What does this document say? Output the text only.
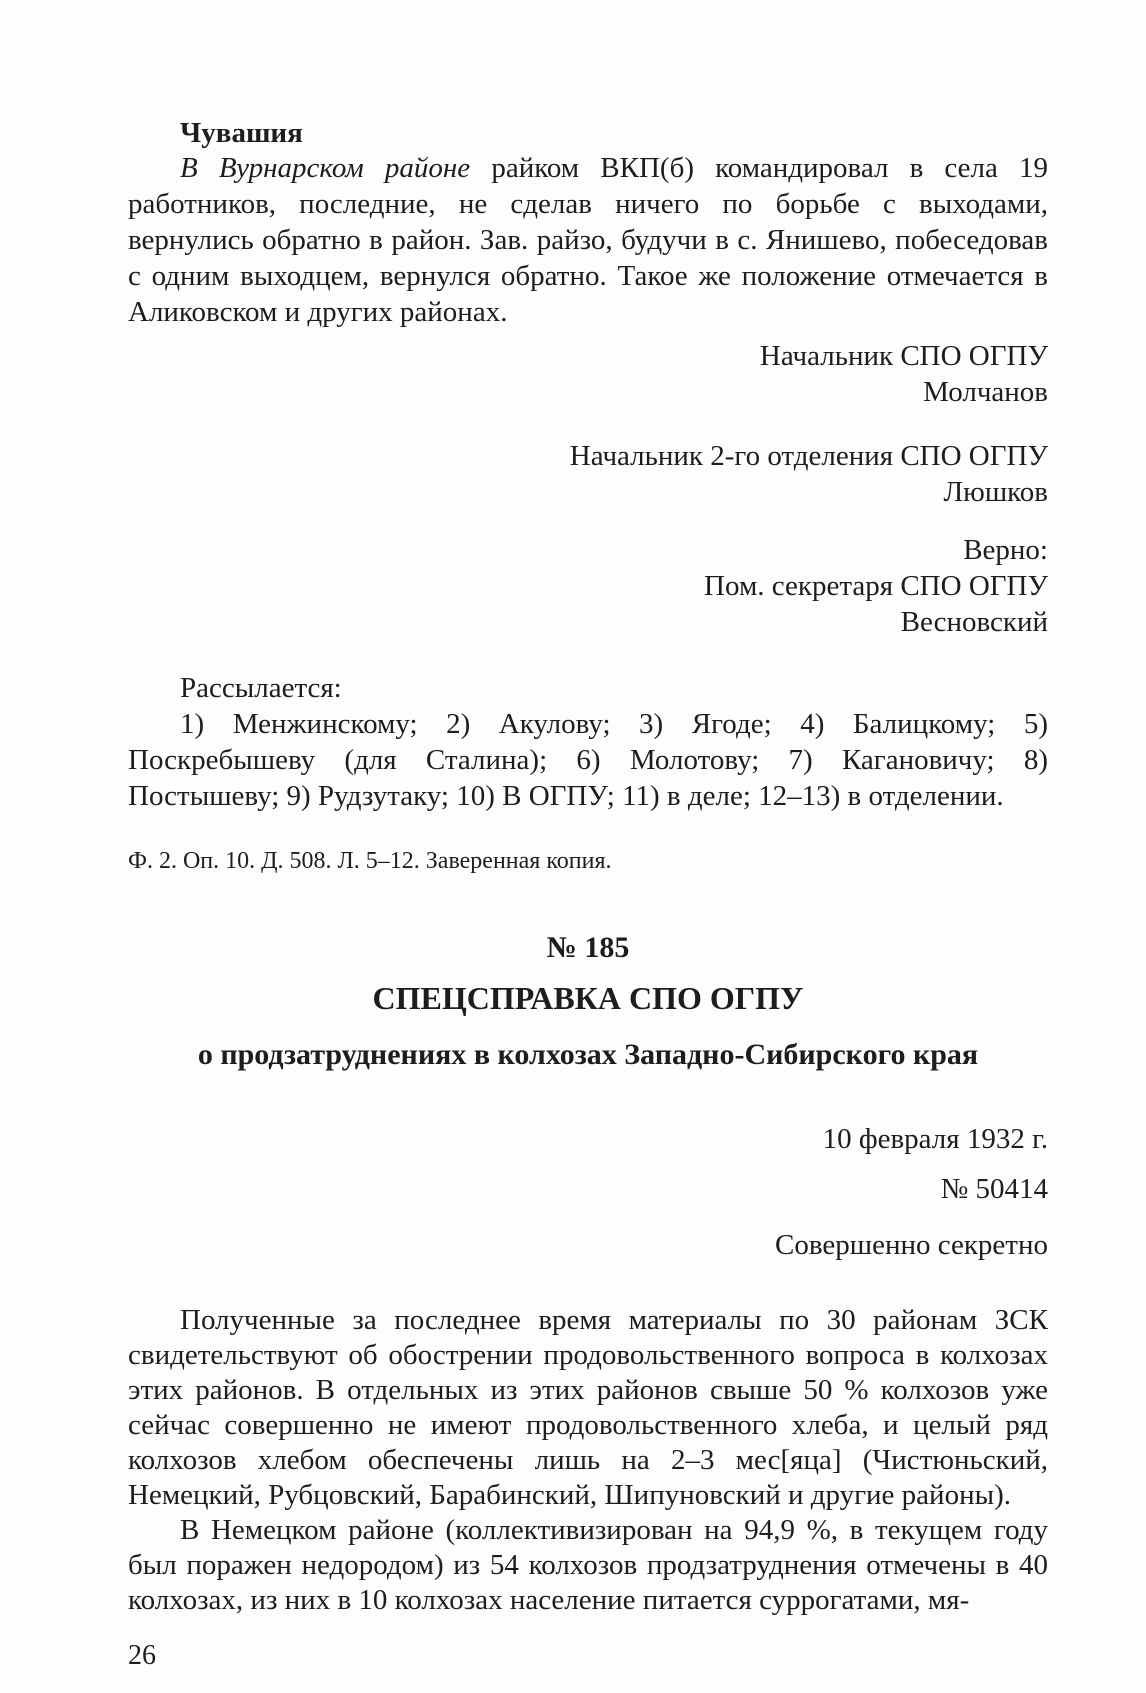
Чувашия

В Вурнарском районе райком ВКП(б) командировал в села 19 работников, последние, не сделав ничего по борьбе с выходами, вернулись обратно в район. Зав. райзо, будучи в с. Янишево, побеседовав с одним выходцем, вернулся обратно. Такое же положение отмечается в Аликовском и других районах.

Начальник СПО ОГПУ

Молчанов

Начальник 2-го отделения СПО ОГПУ

Люшков

Верно:

Пом. секретаря СПО ОГПУ

Весновский

Рассылается:

1) Менжинскому; 2) Акулову; 3) Ягоде; 4) Балицкому; 5) Поскребышеву (для Сталина); 6) Молотову; 7) Кагановичу; 8) Постышеву; 9) Рудзутаку; 10) В ОГПУ; 11) в деле; 12–13) в отделении.

Ф. 2. Оп. 10. Д. 508. Л. 5–12. Заверенная копия.

№ 185
СПЕЦСПРАВКА СПО ОГПУ
о продзатруднениях в колхозах Западно-Сибирского края

10 февраля 1932 г.

№ 50414

Совершенно секретно

Полученные за последнее время материалы по 30 районам ЗСК свидетельствуют об обострении продовольственного вопроса в колхозах этих районов. В отдельных из этих районов свыше 50 % колхозов уже сейчас совершенно не имеют продовольственного хлеба, и целый ряд колхозов хлебом обеспечены лишь на 2–3 мес[яца] (Чистюньский, Немецкий, Рубцовский, Барабинский, Шипуновский и другие районы).

В Немецком районе (коллективизирован на 94,9 %, в текущем году был поражен недородом) из 54 колхозов продзатруднения отмечены в 40 колхозах, из них в 10 колхозах население питается суррогатами, мя-

26
